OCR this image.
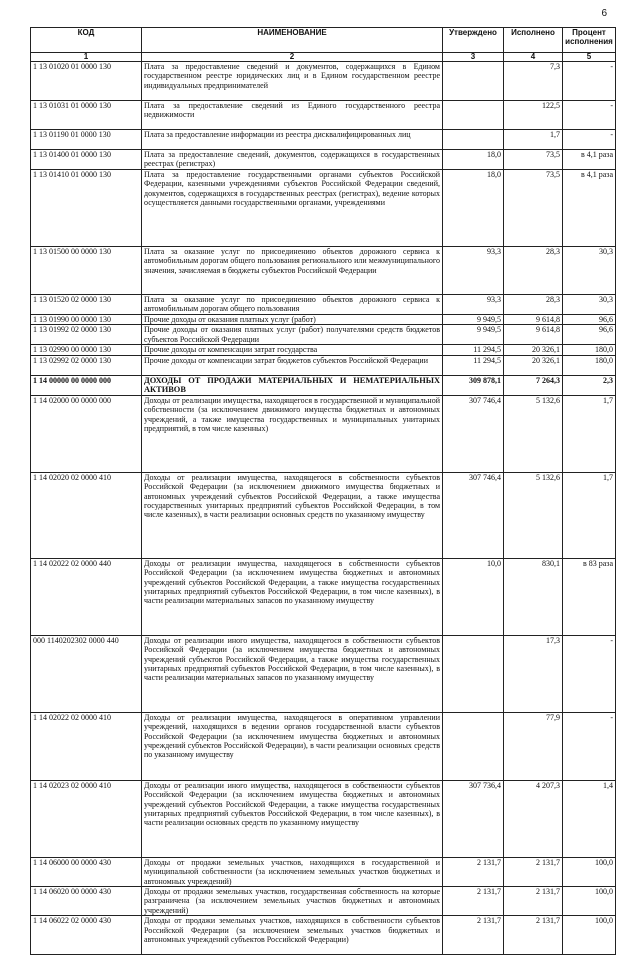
6
КОД	НАИМЕНОВАНИЕ	Утверждено	Исполнено	Процент исполнения
1	2	3	4	5
1 13 01020 01 0000 130	Плата за предоставление сведений и документов, содержащихся в Едином государственном реестре юридических лиц и в Едином государственном реестре индивидуальных предпринимателей		7,3	-
1 13 01031 01 0000 130	Плата за предоставление сведений из Единого государственного реестра недвижимости		122,5	-
1 13 01190 01 0000 130	Плата за предоставление информации из реестра дисквалифицированных лиц		1,7	-
1 13 01400 01 0000 130	Плата за предоставление сведений, документов, содержащихся в государственных реестрах (регистрах)	18,0	73,5	в 4,1 раза
1 13 01410 01 0000 130	Плата за предоставление государственными органами субъектов Российской Федерации, казенными учреждениями субъектов Российской Федерации сведений, документов, содержащихся в государственных реестрах (регистрах), ведение которых осуществляется данными государственными органами, учреждениями	18,0	73,5	в 4,1 раза
1 13 01500 00 0000 130	Плата за оказание услуг по присоединению объектов дорожного сервиса к автомобильным дорогам общего пользования регионального или межмуниципального значения, зачисляемая в бюджеты субъектов Российской Федерации	93,3	28,3	30,3
1 13 01520 02 0000 130	Плата за оказание услуг по присоединению объектов дорожного сервиса к автомобильным дорогам общего пользования	93,3	28,3	30,3
1 13 01990 00 0000 130	Прочие доходы от оказания платных услуг (работ)	9 949,5	9 614,8	96,6
1 13 01992 02 0000 130	Прочие доходы от оказания платных услуг (работ) получателями средств бюджетов субъектов Российской Федерации	9 949,5	9 614,8	96,6
1 13 02990 00 0000 130	Прочие доходы от компенсации затрат государства	11 294,5	20 326,1	180,0
1 13 02992 02 0000 130	Прочие доходы от компенсации затрат бюджетов субъектов Российской Федерации	11 294,5	20 326,1	180,0
1 14 00000 00 0000 000	ДОХОДЫ ОТ ПРОДАЖИ МАТЕРИАЛЬНЫХ И НЕМАТЕРИАЛЬНЫХ АКТИВОВ	309 878,1	7 264,3	2,3
1 14 02000 00 0000 000	Доходы от реализации имущества, находящегося в государственной и муниципальной собственности (за исключением движимого имущества бюджетных и автономных учреждений, а также имущества государственных и муниципальных унитарных предприятий, в том числе казенных)	307 746,4	5 132,6	1,7
1 14 02020 02 0000 410	Доходы от реализации имущества, находящегося в собственности субъектов Российской Федерации (за исключением движимого имущества бюджетных и автономных учреждений субъектов Российской Федерации, а также имущества государственных унитарных предприятий субъектов Российской Федерации, в том числе казенных), в части реализации основных средств по указанному имуществу	307 746,4	5 132,6	1,7
1 14 02022 02 0000 440	Доходы от реализации имущества, находящегося в собственности субъектов Российской Федерации (за исключением имущества бюджетных и автономных учреждений субъектов Российской Федерации, а также имущества государственных унитарных предприятий субъектов Российской Федерации, в том числе казенных), в части реализации материальных запасов по указанному имуществу	10,0	830,1	в 83 раза
000 1140202302 0000 440	Доходы от реализации иного имущества, находящегося в собственности субъектов Российской Федерации (за исключением имущества бюджетных и автономных учреждений субъектов Российской Федерации, а также имущества государственных унитарных предприятий субъектов Российской Федерации, в том числе казенных), в части реализации материальных запасов по указанному имуществу		17,3	-
1 14 02022 02 0000 410	Доходы от реализации имущества, находящегося в оперативном управлении учреждений, находящихся в ведении органов государственной власти субъектов Российской Федерации (за исключением имущества бюджетных и автономных учреждений субъектов Российской Федерации), в части реализации основных средств по указанному имуществу		77,9	-
1 14 02023 02 0000 410	Доходы от реализации иного имущества, находящегося в собственности субъектов Российской Федерации (за исключением имущества бюджетных и автономных учреждений субъектов Российской Федерации, а также имущества государственных унитарных предприятий субъектов Российской Федерации, в том числе казенных), в части реализации основных средств по указанному имуществу	307 736,4	4 207,3	1,4
1 14 06000 00 0000 430	Доходы от продажи земельных участков, находящихся в государственной и муниципальной собственности (за исключением земельных участков бюджетных и автономных учреждений)	2 131,7	2 131,7	100,0
1 14 06020 00 0000 430	Доходы от продажи земельных участков, государственная собственность на которые разграничена (за исключением земельных участков бюджетных и автономных учреждений)	2 131,7	2 131,7	100,0
1 14 06022 02 0000 430	Доходы от продажи земельных участков, находящихся в собственности субъектов Российской Федерации (за исключением земельных участков бюджетных и автономных учреждений субъектов Российской Федерации)	2 131,7	2 131,7	100,0
